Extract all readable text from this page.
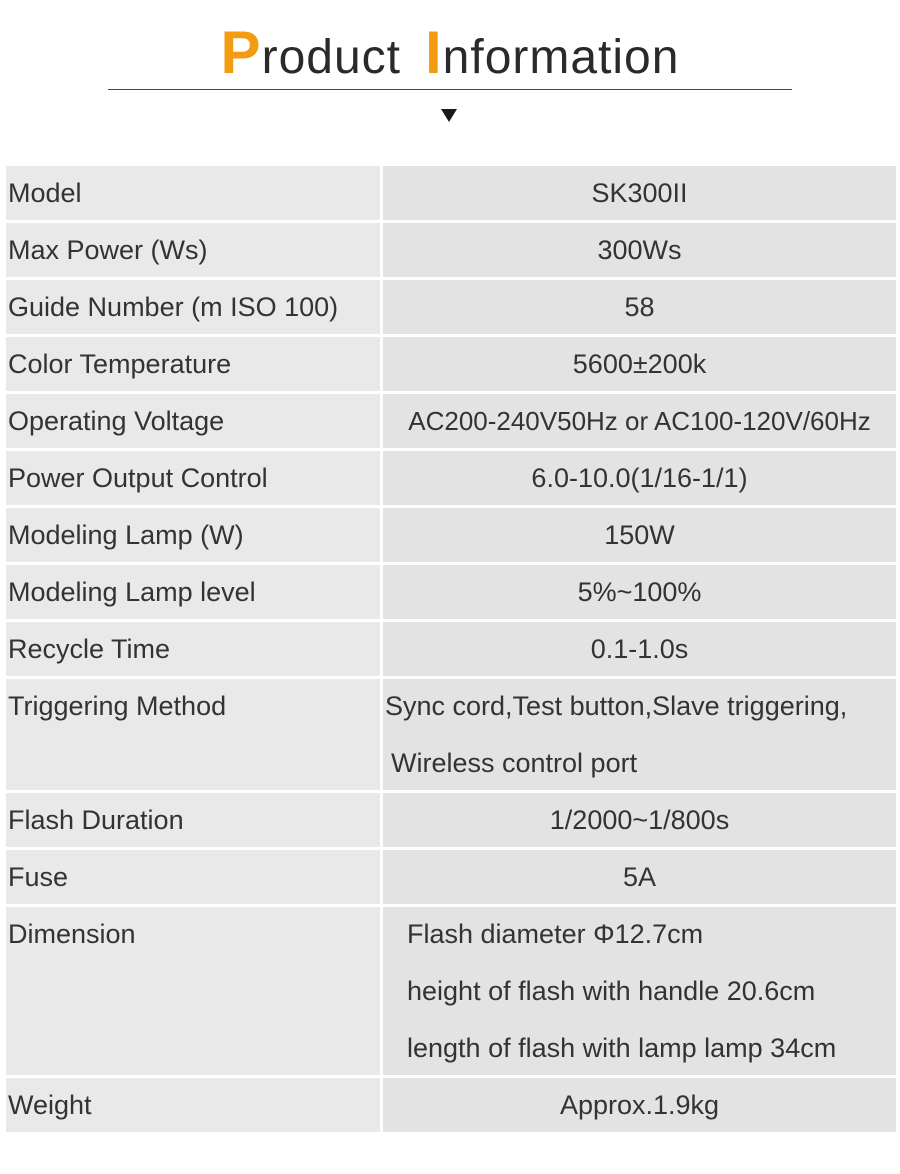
Product Information
Model	SK300II
Max Power (Ws)	300Ws
Guide Number (m ISO 100)	58
Color Temperature	5600±200k
Operating Voltage	AC200-240V50Hz or AC100-120V/60Hz
Power Output Control	6.0-10.0(1/16-1/1)
Modeling Lamp (W)	150W
Modeling Lamp level	5%~100%
Recycle Time	0.1-1.0s
Triggering Method	Sync cord,Test button,Slave triggering,
Wireless control port
Flash Duration	1/2000~1/800s
Fuse	5A
Dimension	Flash diameter Φ12.7cm
height of flash with handle 20.6cm
length of flash with lamp lamp 34cm
Weight	Approx.1.9kg
